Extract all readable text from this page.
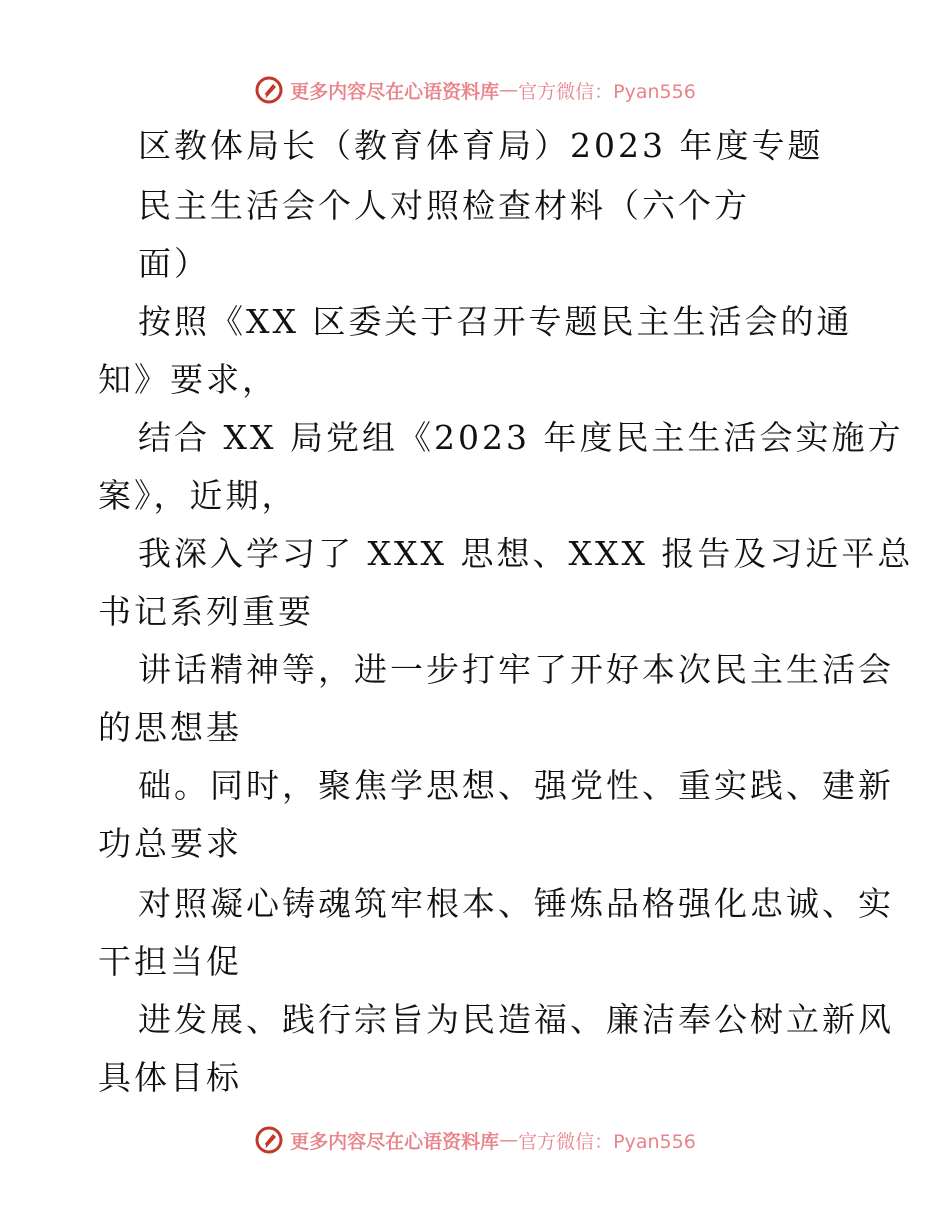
更多内容尽在心语资料库 — 官方微信：Pyan556
区教体局长（教育体育局）2023 年度专题
民主生活会个人对照检查材料（六个方
面）
按照《XX 区委关于召开专题民主生活会的通
知》要求，
结合 XX 局党组《2023 年度民主生活会实施方
案》，近期，
我深入学习了 XXX 思想、XXX 报告及习近平总
书记系列重要
讲话精神等，进一步打牢了开好本次民主生活会
的思想基
础。同时，聚焦学思想、强党性、重实践、建新
功总要求
对照凝心铸魂筑牢根本、锤炼品格强化忠诚、实
干担当促
进发展、践行宗旨为民造福、廉洁奉公树立新风
具体目标
更多内容尽在心语资料库 — 官方微信：Pyan556
